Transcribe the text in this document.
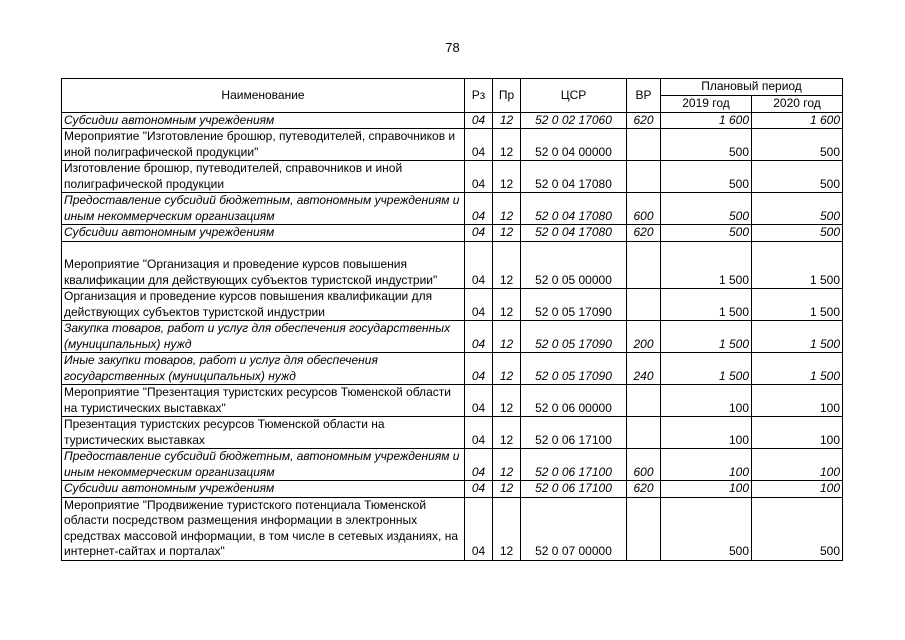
78
Наименование	Рз	Пр	ЦСР	ВР	Плановый период	
					2019 год	2020 год
Субсидии автономным учреждениям	04	12	52 0 02 17060	620	1 600	1 600
Мероприятие "Изготовление брошюр, путеводителей, справочников и иной полиграфической продукции"	04	12	52 0 04 00000		500	500
Изготовление брошюр, путеводителей, справочников и иной полиграфической продукции	04	12	52 0 04 17080		500	500
Предоставление субсидий бюджетным, автономным учреждениям и иным некоммерческим организациям	04	12	52 0 04 17080	600	500	500
Субсидии автономным учреждениям	04	12	52 0 04 17080	620	500	500
Мероприятие "Организация и проведение курсов повышения квалификации для действующих субъектов туристской индустрии"	04	12	52 0 05 00000		1 500	1 500
Организация и проведение курсов повышения квалификации для действующих субъектов туристской индустрии	04	12	52 0 05 17090		1 500	1 500
Закупка товаров, работ и услуг для обеспечения государственных (муниципальных) нужд	04	12	52 0 05 17090	200	1 500	1 500
Иные закупки товаров, работ и услуг для обеспечения государственных (муниципальных) нужд	04	12	52 0 05 17090	240	1 500	1 500
Мероприятие "Презентация туристских ресурсов Тюменской области на туристических выставках"	04	12	52 0 06 00000		100	100
Презентация туристских ресурсов Тюменской области на туристических выставках	04	12	52 0 06 17100		100	100
Предоставление субсидий бюджетным, автономным учреждениям и иным некоммерческим организациям	04	12	52 0 06 17100	600	100	100
Субсидии автономным учреждениям	04	12	52 0 06 17100	620	100	100
Мероприятие "Продвижение туристского потенциала Тюменской области посредством размещения информации в электронных средствах массовой информации, в том числе в сетевых изданиях, на интернет-сайтах и порталах"	04	12	52 0 07 00000		500	500
